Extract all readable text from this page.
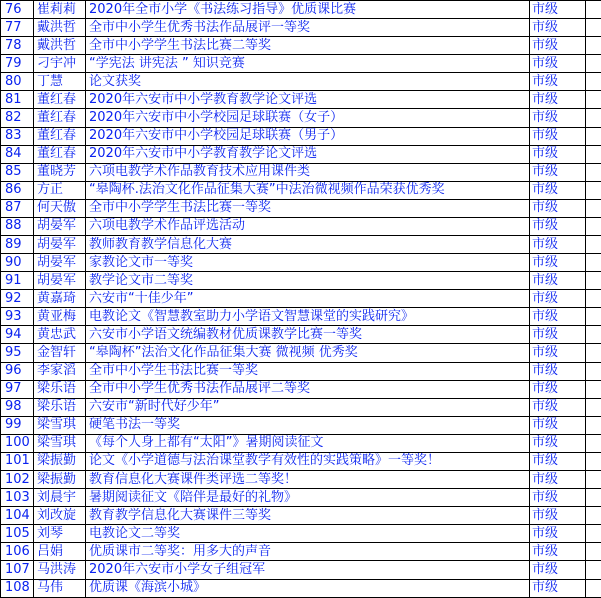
76	崔莉莉	2020年全市小学《书法练习指导》优质课比赛	市级	
77	戴洪哲	全市中小学生优秀书法作品展评一等奖	市级	
78	戴洪哲	全市中小学学生书法比赛二等奖	市级	
79	刁宇冲	“学宪法 讲宪法 ” 知识竞赛	市级	
80	丁慧	论文获奖	市级	
81	董红春	2020年六安市中小学教育教学论文评选	市级	
82	董红春	2020年六安市中小学校园足球联赛（女子）	市级	
83	董红春	2020年六安市中小学校园足球联赛（男子）	市级	
84	董红春	2020年六安市中小学教育教学论文评选	市级	
85	董晓芳	六项电教学术作品教育技术应用课件类	市级	
86	方正	“皋陶杯.法治文化作品征集大赛”中法治微视频作品荣获优秀奖	市级	
87	何天傲	全市中小学学生书法比赛一等奖	市级	
88	胡晏军	六项电教学术作品评选活动	市级	
89	胡晏军	教师教育教学信息化大赛	市级	
90	胡晏军	家教论文市一等奖	市级	
91	胡晏军	教学论文市二等奖	市级	
92	黄嘉琦	六安市“十佳少年”	市级	
93	黄亚梅	电教论文《智慧教室助力小学语文智慧课堂的实践研究》	市级	
94	黄忠武	六安市小学语文统编教材优质课教学比赛一等奖	市级	
95	金智轩	“皋陶杯”法治文化作品征集大赛 微视频 优秀奖	市级	
96	李家滔	全市中小学生书法比赛一等奖	市级	
97	梁乐语	全市中小学生优秀书法作品展评二等奖	市级	
98	梁乐语	六安市“新时代好少年”	市级	
99	梁雪琪	硬笔书法一等奖	市级	
100	梁雪琪	《每个人身上都有“太阳”》暑期阅读征文	市级	
101	梁振勤	论文《小学道德与法治课堂教学有效性的实践策略》一等奖！	市级	
102	梁振勤	教育信息化大赛课件类评选二等奖！	市级	
103	刘晨宇	暑期阅读征文《陪伴是最好的礼物》	市级	
104	刘改旋	教育教学信息化大赛课件三等奖	市级	
105	刘琴	电教论文二等奖	市级	
106	吕娟	优质课市二等奖：用多大的声音	市级	
107	马洪涛	2020年六安市小学女子组冠军	市级	
108	马伟	优质课《海滨小城》	市级	
